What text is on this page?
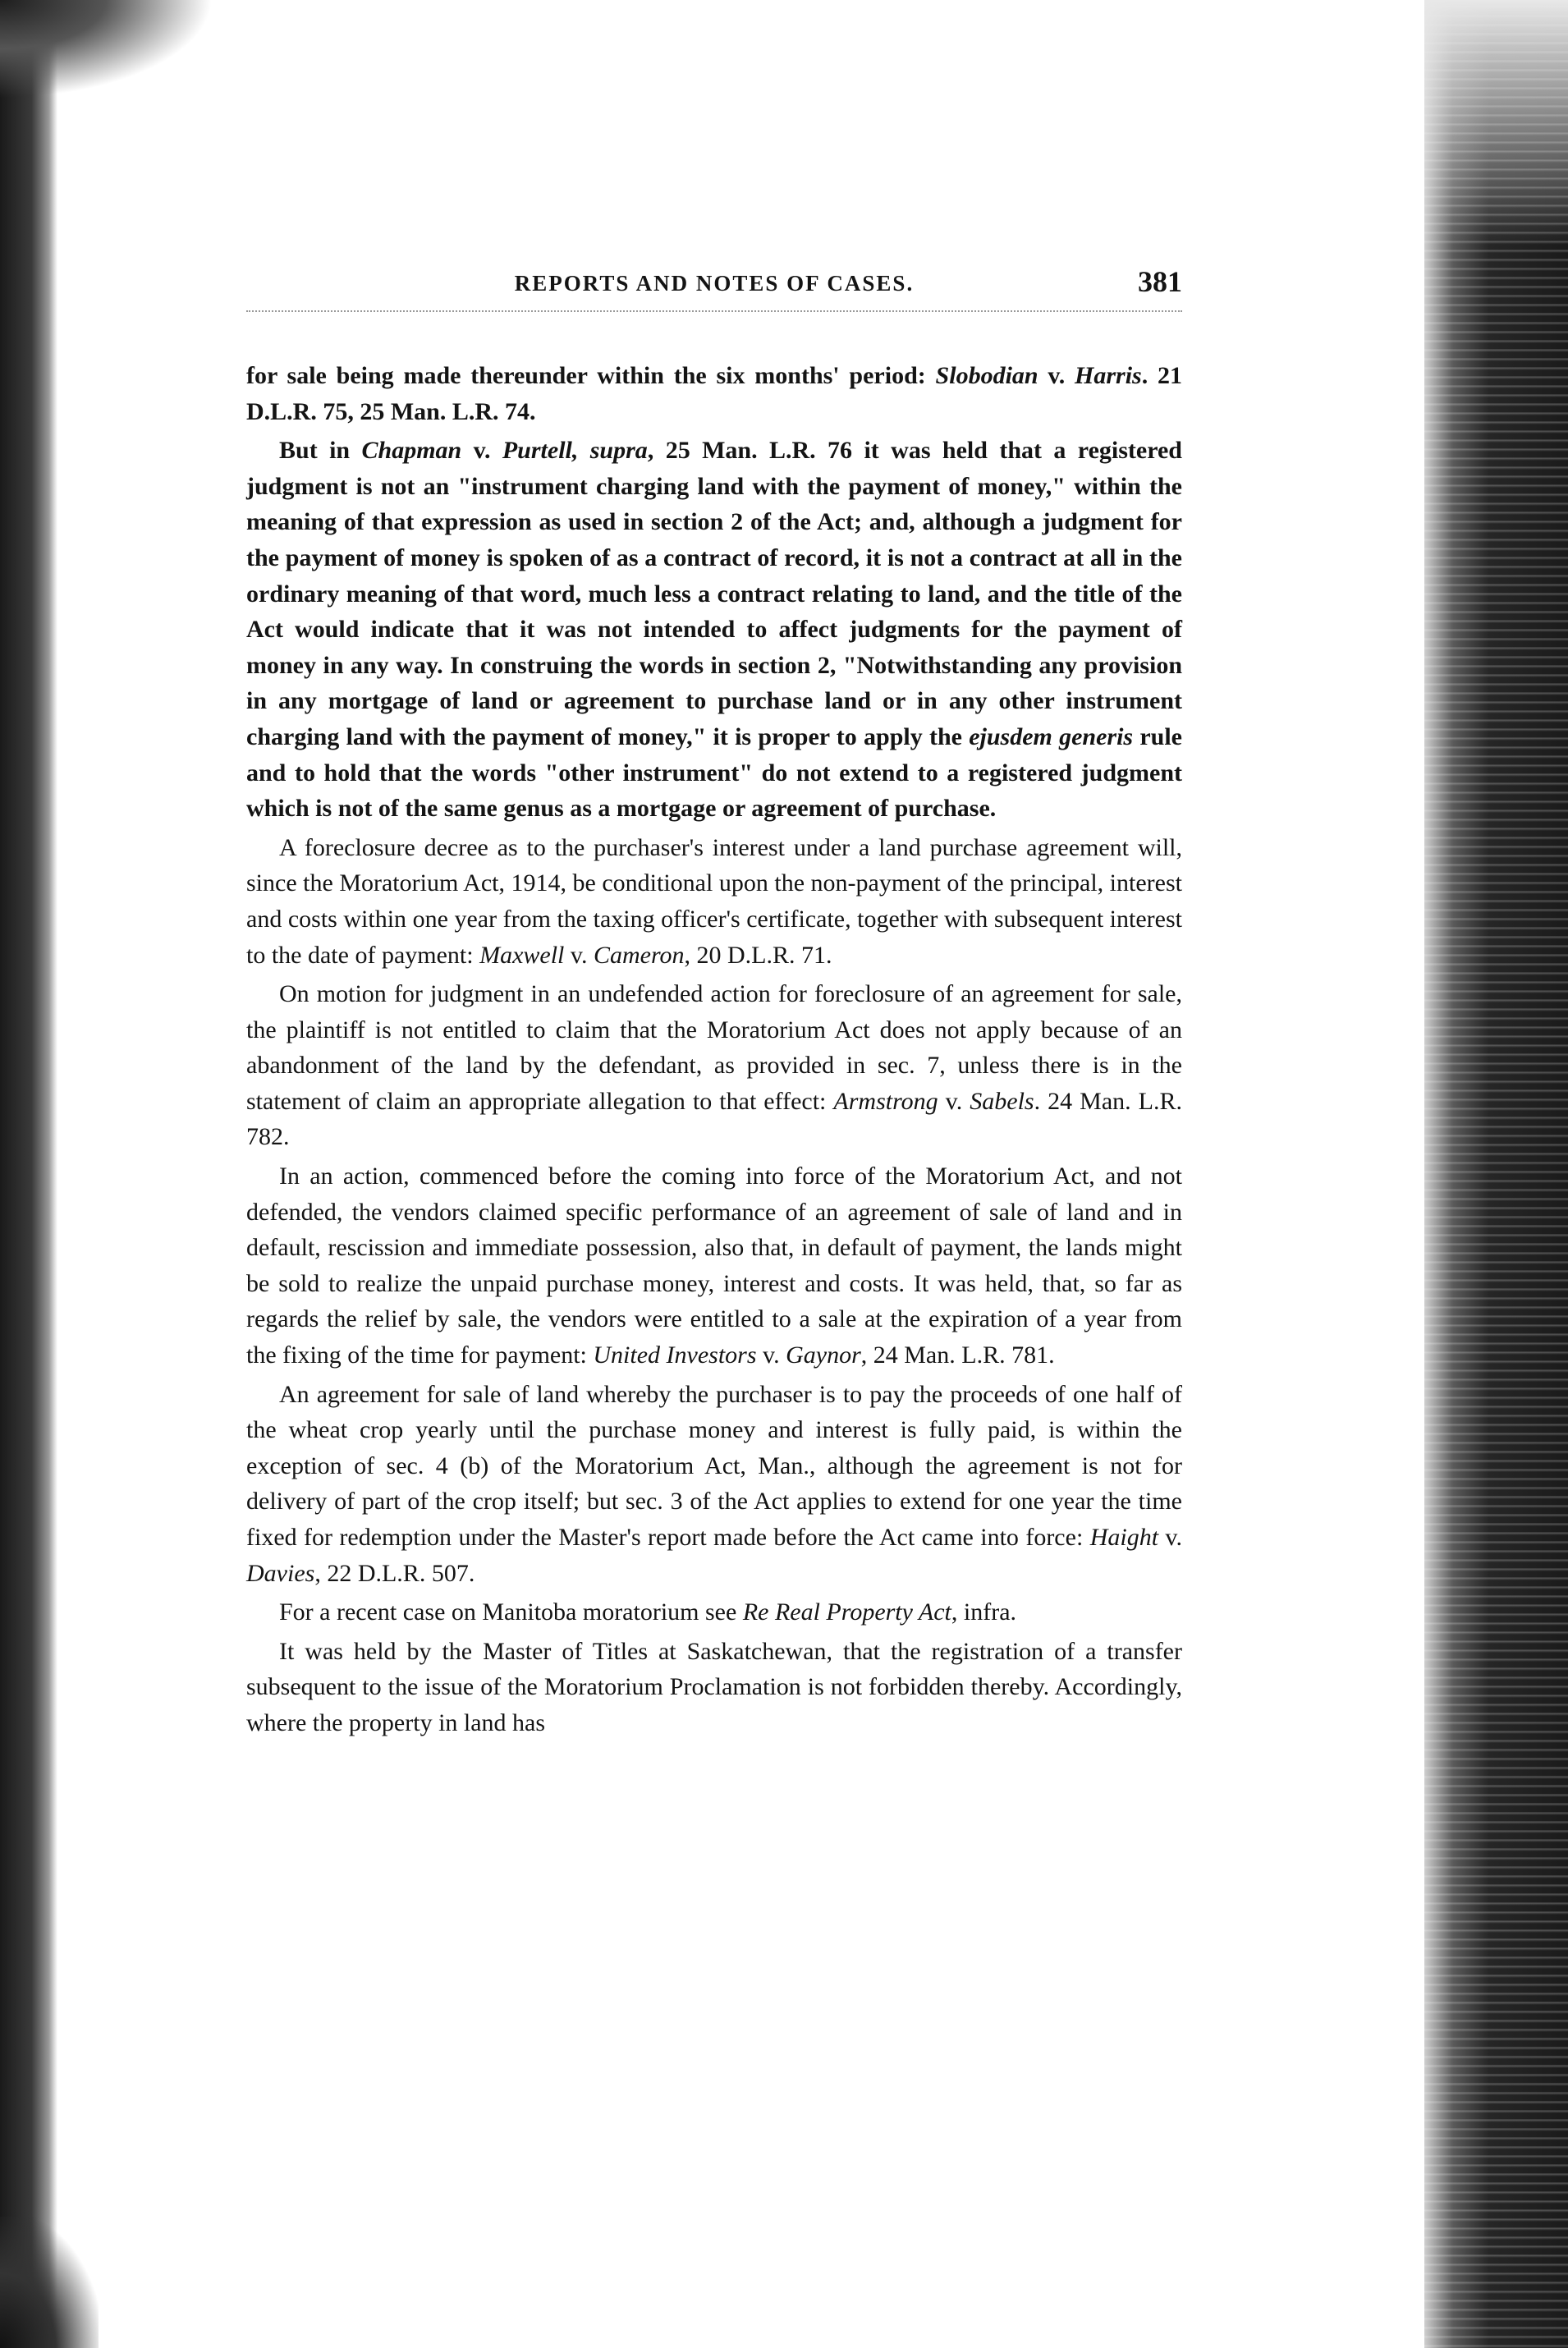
REPORTS AND NOTES OF CASES.	381

for sale being made thereunder within the six months' period: Slobodian v. Harris. 21 D.L.R. 75, 25 Man. L.R. 74.

But in Chapman v. Purtell, supra, 25 Man. L.R. 76 it was held that a registered judgment is not an "instrument charging land with the payment of money," within the meaning of that expression as used in section 2 of the Act; and, although a judgment for the payment of money is spoken of as a contract of record, it is not a contract at all in the ordinary meaning of that word, much less a contract relating to land, and the title of the Act would indicate that it was not intended to affect judgments for the payment of money in any way. In construing the words in section 2, "Notwithstanding any provision in any mortgage of land or agreement to purchase land or in any other instrument charging land with the payment of money," it is proper to apply the ejusdem generis rule and to hold that the words "other instrument" do not extend to a registered judgment which is not of the same genus as a mortgage or agreement of purchase.

A foreclosure decree as to the purchaser's interest under a land purchase agreement will, since the Moratorium Act, 1914, be conditional upon the non-payment of the principal, interest and costs within one year from the taxing officer's certificate, together with subsequent interest to the date of payment: Maxwell v. Cameron, 20 D.L.R. 71.

On motion for judgment in an undefended action for foreclosure of an agreement for sale, the plaintiff is not entitled to claim that the Moratorium Act does not apply because of an abandonment of the land by the defendant, as provided in sec. 7, unless there is in the statement of claim an appropriate allegation to that effect: Armstrong v. Sabels. 24 Man. L.R. 782.

In an action, commenced before the coming into force of the Moratorium Act, and not defended, the vendors claimed specific performance of an agreement of sale of land and in default, rescission and immediate possession, also that, in default of payment, the lands might be sold to realize the unpaid purchase money, interest and costs. It was held, that, so far as regards the relief by sale, the vendors were entitled to a sale at the expiration of a year from the fixing of the time for payment: United Investors v. Gaynor, 24 Man. L.R. 781.

An agreement for sale of land whereby the purchaser is to pay the proceeds of one half of the wheat crop yearly until the purchase money and interest is fully paid, is within the exception of sec. 4 (b) of the Moratorium Act, Man., although the agreement is not for delivery of part of the crop itself; but sec. 3 of the Act applies to extend for one year the time fixed for redemption under the Master's report made before the Act came into force: Haight v. Davies, 22 D.L.R. 507.

For a recent case on Manitoba moratorium see Re Real Property Act, infra.

It was held by the Master of Titles at Saskatchewan, that the registration of a transfer subsequent to the issue of the Moratorium Proclamation is not forbidden thereby. Accordingly, where the property in land has
